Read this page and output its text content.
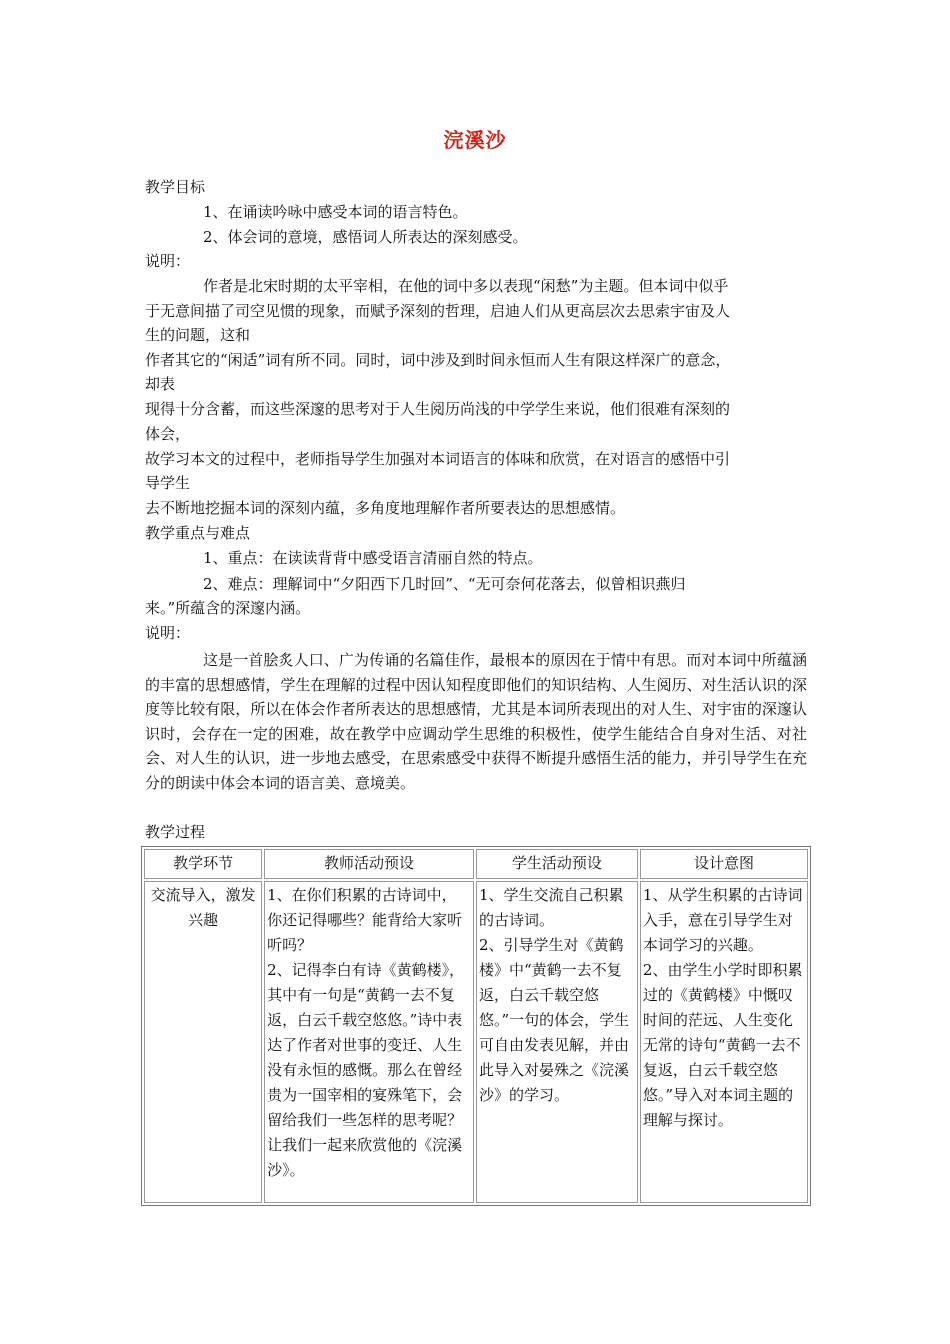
浣溪沙
教学目标
1、在诵读吟咏中感受本词的语言特色。
2、体会词的意境，感悟词人所表达的深刻感受。
说明：
作者是北宋时期的太平宰相，在他的词中多以表现“闲愁”为主题。但本词中似乎
于无意间描了司空见惯的现象，而赋予深刻的哲理，启迪人们从更高层次去思索宇宙及人
生的问题，这和
作者其它的“闲适”词有所不同。同时，词中涉及到时间永恒而人生有限这样深广的意念，
却表
现得十分含蓄，而这些深邃的思考对于人生阅历尚浅的中学学生来说，他们很难有深刻的
体会，
故学习本文的过程中，老师指导学生加强对本词语言的体味和欣赏，在对语言的感悟中引
导学生
去不断地挖掘本词的深刻内蕴，多角度地理解作者所要表达的思想感情。
教学重点与难点
1、重点：在读读背背中感受语言清丽自然的特点。
2、难点：理解词中“夕阳西下几时回”、“无可奈何花落去，似曾相识燕归
来。”所蕴含的深邃内涵。
说明：
这是一首脍炙人口、广为传诵的名篇佳作，最根本的原因在于情中有思。而对本词中所蕴涵的丰富的思想感情，学生在理解的过程中因认知程度即他们的知识结构、人生阅历、对生活认识的深度等比较有限，所以在体会作者所表达的思想感情，尤其是本词所表现出的对人生、对宇宙的深邃认识时，会存在一定的困难，故在教学中应调动学生思维的积极性，使学生能结合自身对生活、对社会、对人生的认识，进一步地去感受，在思索感受中获得不断提升感悟生活的能力，并引导学生在充分的朗读中体会本词的语言美、意境美。
教学过程
教学环节	教师活动预设	学生活动预设	设计意图
交流导入，激发兴趣	1、在你们积累的古诗词中，你还记得哪些？能背给大家听听吗？
2、记得李白有诗《黄鹤楼》，其中有一句是“黄鹤一去不复返，白云千载空悠悠。”诗中表达了作者对世事的变迁、人生没有永恒的感慨。那么在曾经贵为一国宰相的宴殊笔下，会留给我们一些怎样的思考呢？让我们一起来欣赏他的《浣溪沙》。	1、学生交流自己积累的古诗词。
2、引导学生对《黄鹤楼》中“黄鹤一去不复返，白云千载空悠悠。”一句的体会，学生可自由发表见解，并由此导入对晏殊之《浣溪沙》的学习。	1、从学生积累的古诗词入手，意在引导学生对本词学习的兴趣。
2、由学生小学时即积累过的《黄鹤楼》中慨叹时间的茫远、人生变化无常的诗句“黄鹤一去不复返，白云千载空悠悠。”导入对本词主题的理解与探讨。
